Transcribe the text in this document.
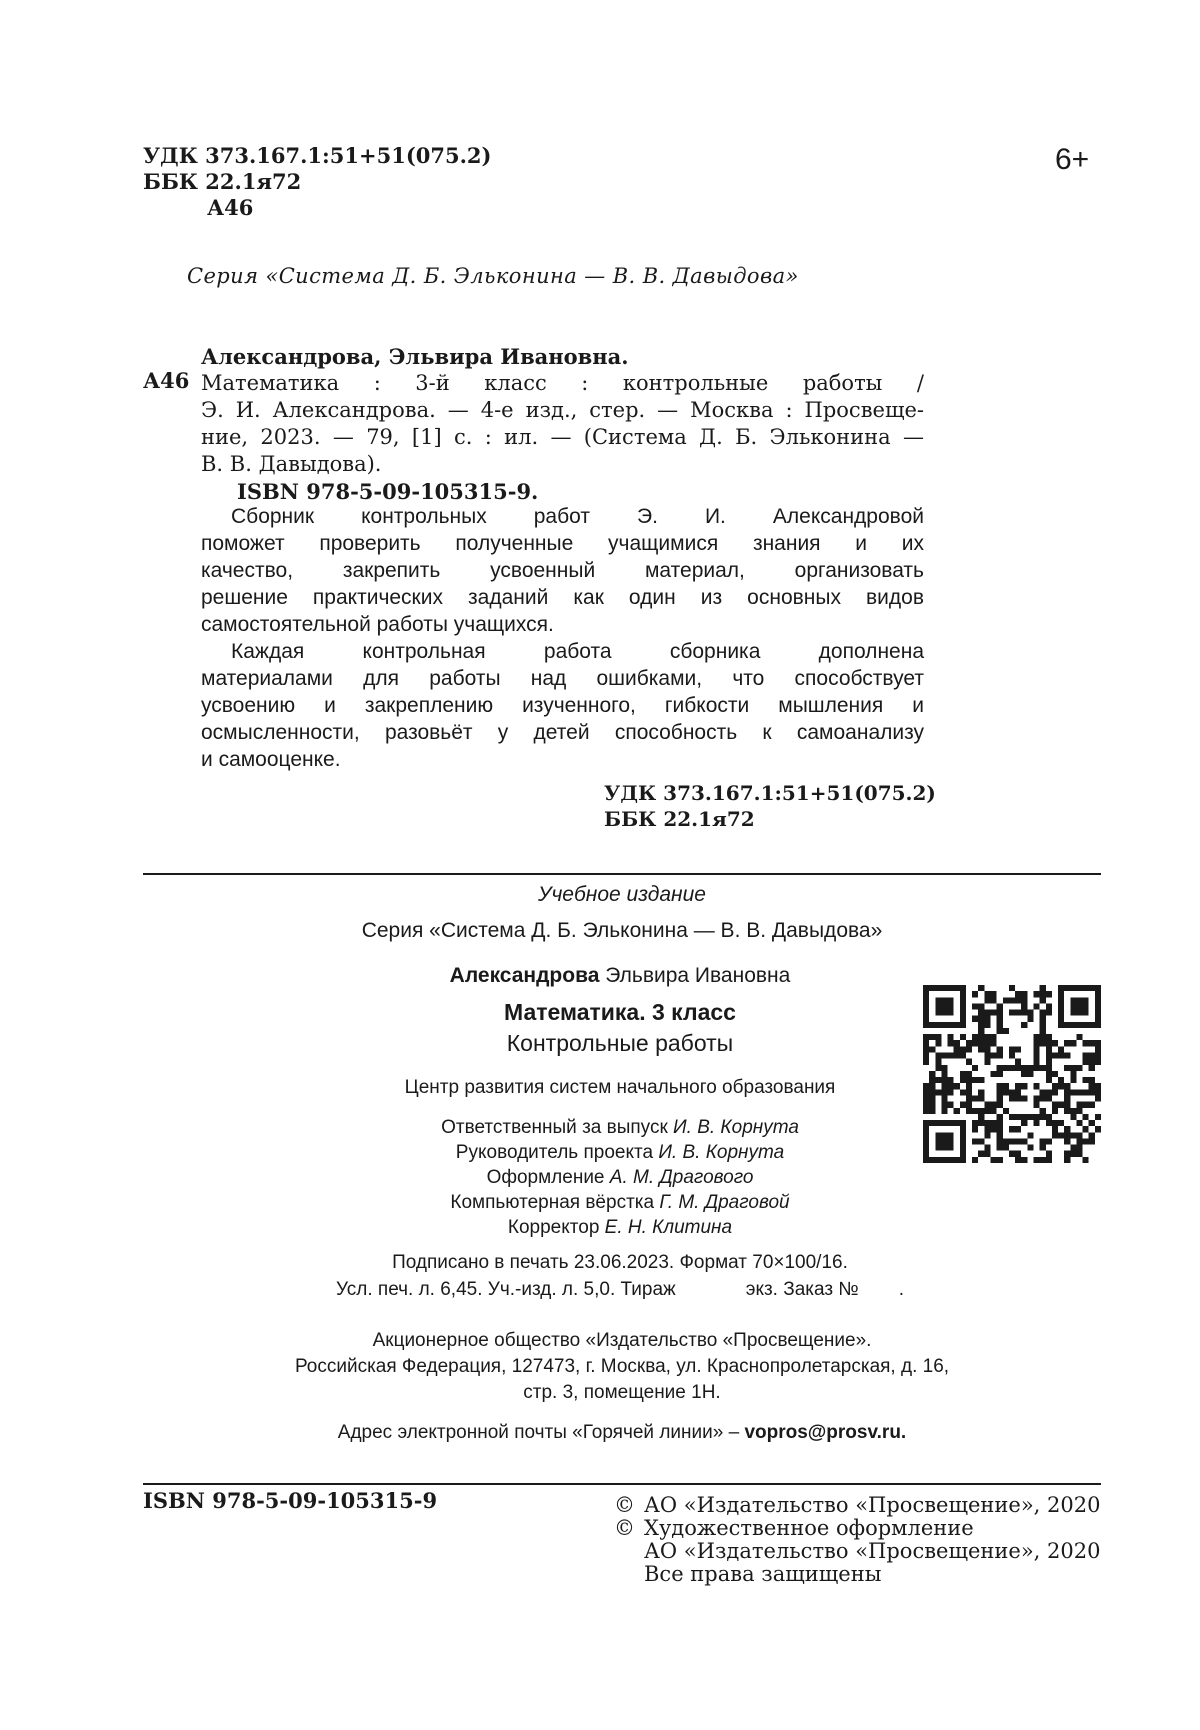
УДК 373.167.1:51+51(075.2)
ББК 22.1я72
А46
6+
Серия «Система Д. Б. Эльконина — В. В. Давыдова»
А46
Александрова, Эльвира Ивановна.
Математика : 3-й класс : контрольные работы /
Э. И. Александрова. — 4-е изд., стер. — Москва : Просвеще-
ние, 2023. — 79, [1] с. : ил. — (Система Д. Б. Эльконина —
В. В. Давыдова).
ISBN 978-5-09-105315-9.
Сборник контрольных работ Э. И. Александровой
поможет проверить полученные учащимися знания и их
качество, закрепить усвоенный материал, организовать
решение практических заданий как один из основных видов
самостоятельной работы учащихся.
Каждая контрольная работа сборника дополнена
материалами для работы над ошибками, что способствует
усвоению и закреплению изученного, гибкости мышления и
осмысленности, разовьёт у детей способность к самоанализу
и самооценке.
УДК 373.167.1:51+51(075.2)
ББК 22.1я72
Учебное издание
Серия «Система Д. Б. Эльконина — В. В. Давыдова»
Александрова Эльвира Ивановна
Математика. 3 класс
Контрольные работы
Центр развития систем начального образования
Ответственный за выпуск И. В. Корнута
Руководитель проекта И. В. Корнута
Оформление А. М. Драгового
Компьютерная вёрстка Г. М. Драговой
Корректор Е. Н. Клитина
Подписано в печать 23.06.2023. Формат 70×100/16.
Усл. печ. л. 6,45. Уч.-изд. л. 5,0. Тираж	экз. Заказ № .
Акционерное общество «Издательство «Просвещение».
Российская Федерация, 127473, г. Москва, ул. Краснопролетарская, д. 16,
стр. 3, помещение 1Н.
Адрес электронной почты «Горячей линии» – vopros@prosv.ru.
ISBN 978-5-09-105315-9	© АО «Издательство «Просвещение», 2020
© Художественное оформление
АО «Издательство «Просвещение», 2020
Все права защищены
